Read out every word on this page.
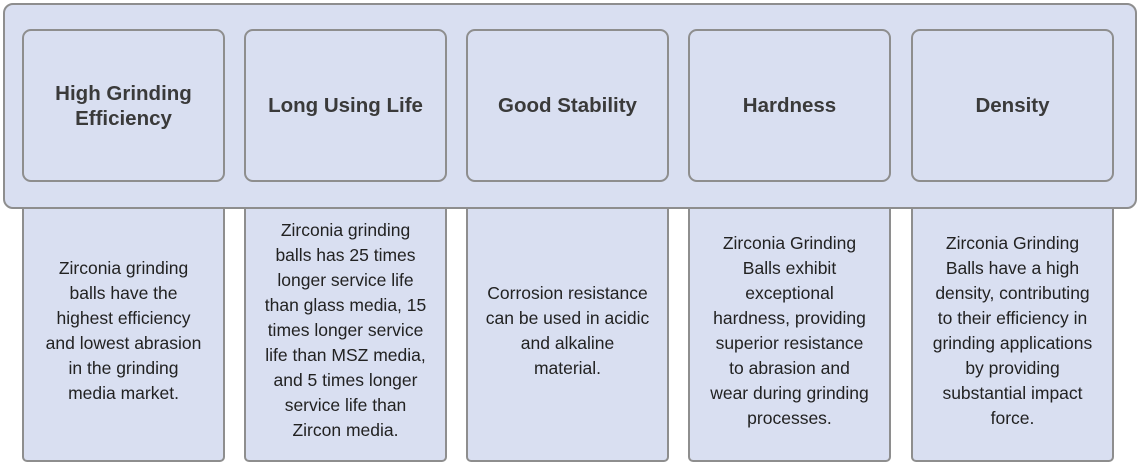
Zirconia grinding
balls have the
highest efficiency
and lowest abrasion
in the grinding
media market.
Zirconia grinding
balls has 25 times
longer service life
than glass media, 15
times longer service
life than MSZ media,
and 5 times longer
service life than
Zircon media.
Corrosion resistance
can be used in acidic
and alkaline
material.
Zirconia Grinding
Balls exhibit
exceptional
hardness, providing
superior resistance
to abrasion and
wear during grinding
processes.
Zirconia Grinding
Balls have a high
density, contributing
to their efficiency in
grinding applications
by providing
substantial impact
force.
High Grinding
Efficiency
Long Using Life	Good Stability	Hardness	Density
